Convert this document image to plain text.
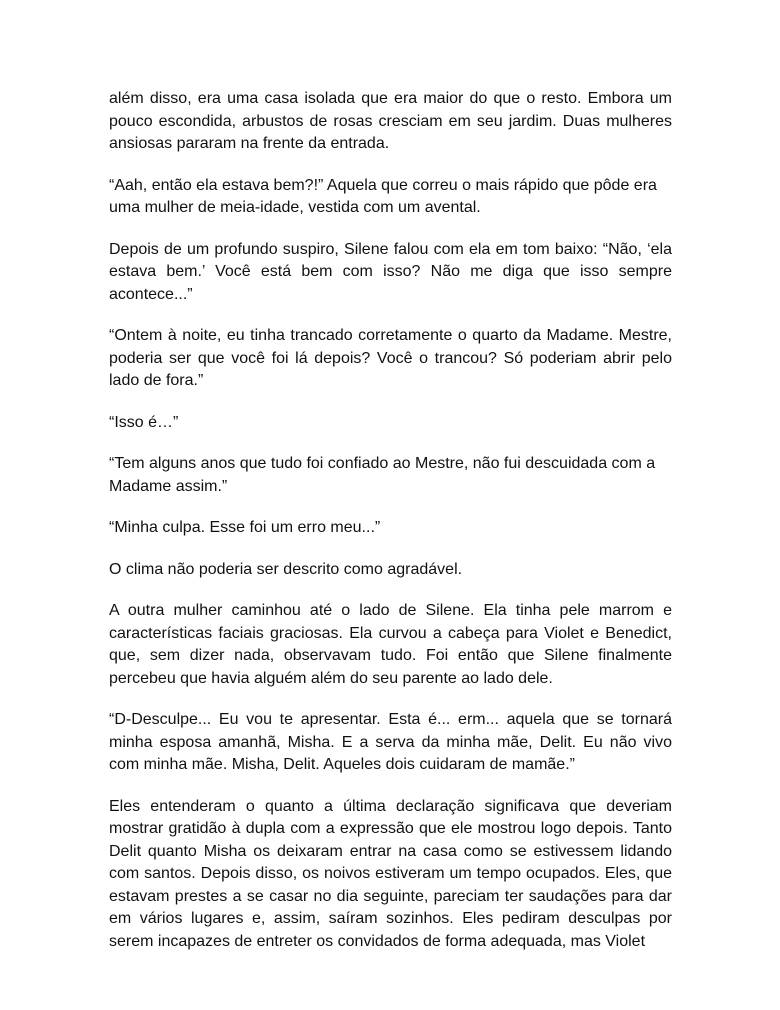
além disso, era uma casa isolada que era maior do que o resto. Embora um pouco escondida, arbustos de rosas cresciam em seu jardim. Duas mulheres ansiosas pararam na frente da entrada.

“Aah, então ela estava bem?!” Aquela que correu o mais rápido que pôde era uma mulher de meia-idade, vestida com um avental.

Depois de um profundo suspiro, Silene falou com ela em tom baixo: “Não, ‘ela estava bem.’ Você está bem com isso? Não me diga que isso sempre acontece...”

“Ontem à noite, eu tinha trancado corretamente o quarto da Madame. Mestre, poderia ser que você foi lá depois? Você o trancou? Só poderiam abrir pelo lado de fora.”

“Isso é…”

“Tem alguns anos que tudo foi confiado ao Mestre, não fui descuidada com a Madame assim.”

“Minha culpa. Esse foi um erro meu...”

O clima não poderia ser descrito como agradável.

A outra mulher caminhou até o lado de Silene. Ela tinha pele marrom e características faciais graciosas. Ela curvou a cabeça para Violet e Benedict, que, sem dizer nada, observavam tudo. Foi então que Silene finalmente percebeu que havia alguém além do seu parente ao lado dele.

“D-Desculpe... Eu vou te apresentar. Esta é... erm... aquela que se tornará minha esposa amanhã, Misha. E a serva da minha mãe, Delit. Eu não vivo com minha mãe. Misha, Delit. Aqueles dois cuidaram de mamãe.”

Eles entenderam o quanto a última declaração significava que deveriam mostrar gratidão à dupla com a expressão que ele mostrou logo depois. Tanto Delit quanto Misha os deixaram entrar na casa como se estivessem lidando com santos. Depois disso, os noivos estiveram um tempo ocupados. Eles, que estavam prestes a se casar no dia seguinte, pareciam ter saudações para dar em vários lugares e, assim, saíram sozinhos. Eles pediram desculpas por serem incapazes de entreter os convidados de forma adequada, mas Violet
